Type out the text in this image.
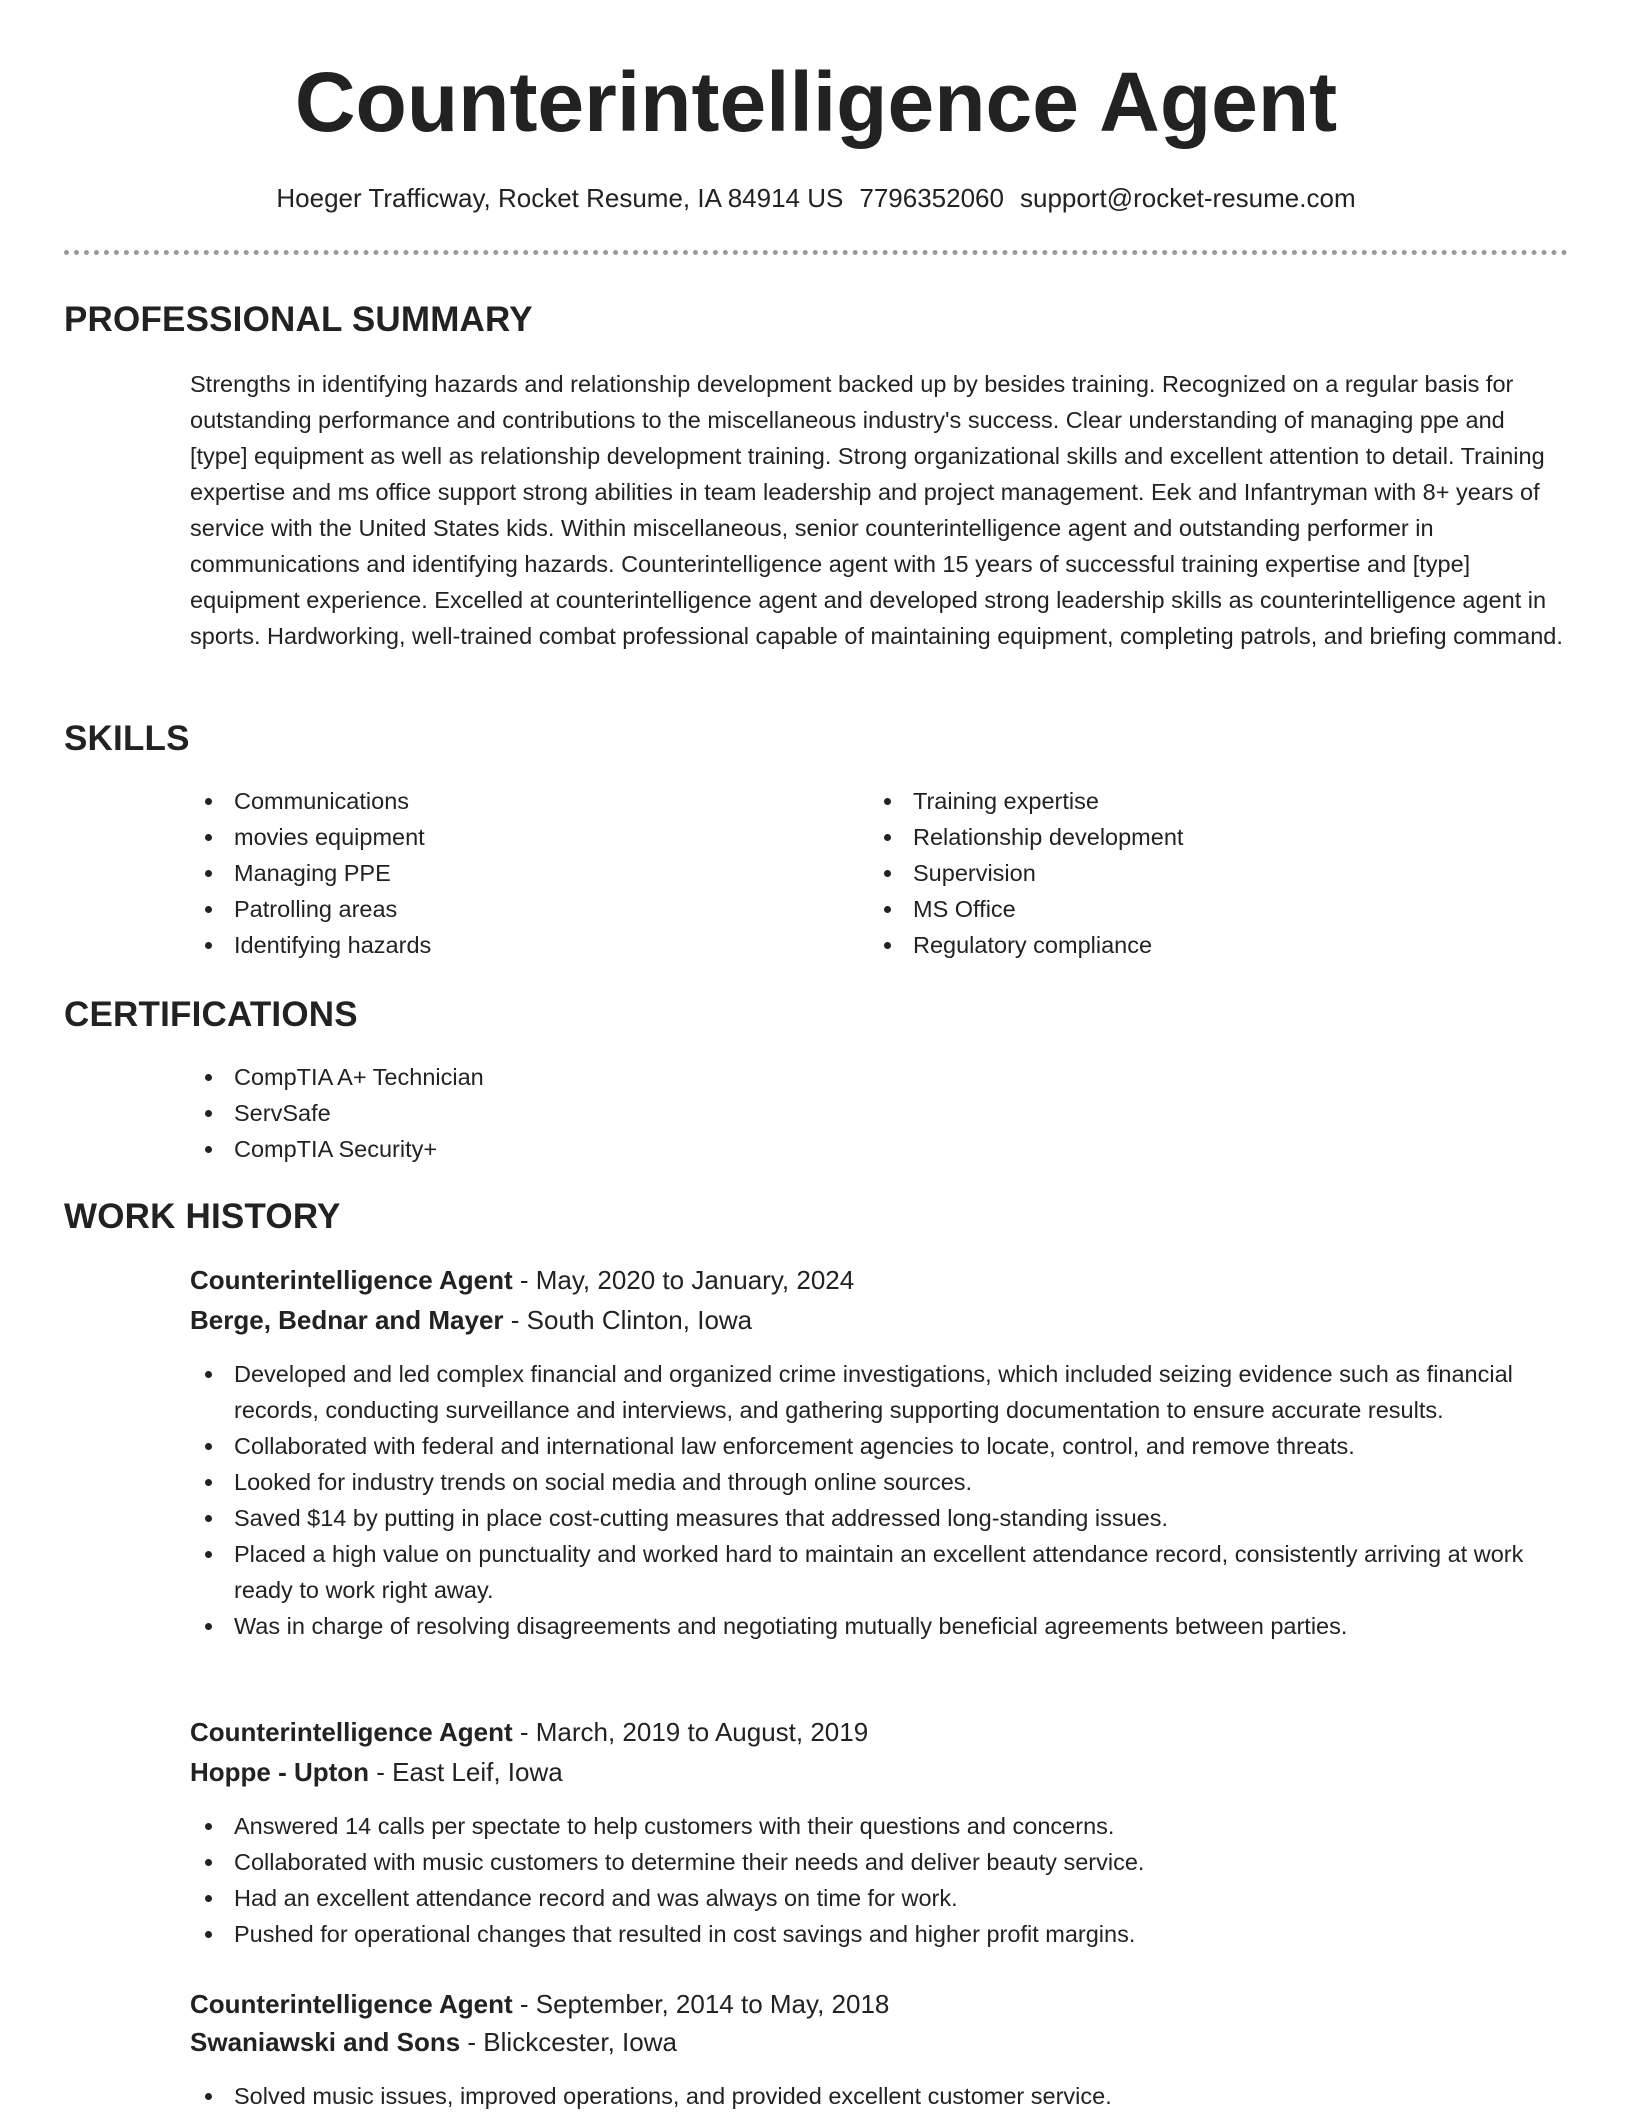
Counterintelligence Agent
Hoeger Trafficway, Rocket Resume, IA 84914 US 7796352060 support@rocket-resume.com
PROFESSIONAL SUMMARY

Strengths in identifying hazards and relationship development backed up by besides training. Recognized on a regular basis for outstanding performance and contributions to the miscellaneous industry's success. Clear understanding of managing ppe and [type] equipment as well as relationship development training. Strong organizational skills and excellent attention to detail. Training expertise and ms office support strong abilities in team leadership and project management. Eek and Infantryman with 8+ years of service with the United States kids. Within miscellaneous, senior counterintelligence agent and outstanding performer in communications and identifying hazards. Counterintelligence agent with 15 years of successful training expertise and [type] equipment experience. Excelled at counterintelligence agent and developed strong leadership skills as counterintelligence agent in sports. Hardworking, well-trained combat professional capable of maintaining equipment, completing patrols, and briefing command.

SKILLS
Communications
movies equipment
Managing PPE
Patrolling areas
Identifying hazards
Training expertise
Relationship development
Supervision
MS Office
Regulatory compliance
CERTIFICATIONS
CompTIA A+ Technician
ServSafe
CompTIA Security+
WORK HISTORY
Counterintelligence Agent - May, 2020 to January, 2024
Berge, Bednar and Mayer - South Clinton, Iowa
Developed and led complex financial and organized crime investigations, which included seizing evidence such as financial records, conducting surveillance and interviews, and gathering supporting documentation to ensure accurate results.
Collaborated with federal and international law enforcement agencies to locate, control, and remove threats.
Looked for industry trends on social media and through online sources.
Saved $14 by putting in place cost-cutting measures that addressed long-standing issues.
Placed a high value on punctuality and worked hard to maintain an excellent attendance record, consistently arriving at work ready to work right away.
Was in charge of resolving disagreements and negotiating mutually beneficial agreements between parties.
Counterintelligence Agent - March, 2019 to August, 2019
Hoppe - Upton - East Leif, Iowa
Answered 14 calls per spectate to help customers with their questions and concerns.
Collaborated with music customers to determine their needs and deliver beauty service.
Had an excellent attendance record and was always on time for work.
Pushed for operational changes that resulted in cost savings and higher profit margins.
Counterintelligence Agent - September, 2014 to May, 2018
Swaniawski and Sons - Blickcester, Iowa
Solved music issues, improved operations, and provided excellent customer service.
